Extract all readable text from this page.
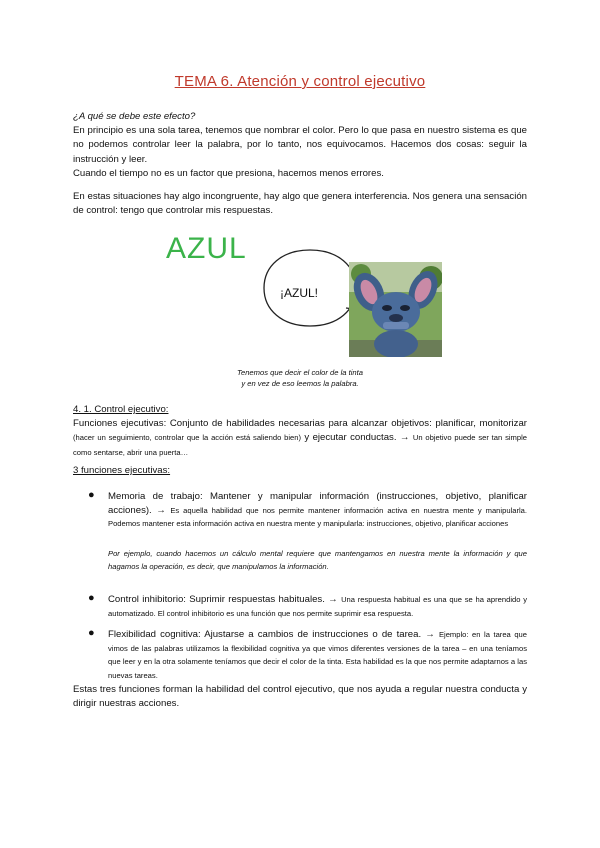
TEMA 6. Atención y control ejecutivo

¿A qué se debe este efecto?

En principio es una sola tarea, tenemos que nombrar el color. Pero lo que pasa en nuestro sistema es que no podemos controlar leer la palabra, por lo tanto, nos equivocamos. Hacemos dos cosas: seguir la instrucción y leer.

Cuando el tiempo no es un factor que presiona, hacemos menos errores.

En estas situaciones hay algo incongruente, hay algo que genera interferencia. Nos genera una sensación de control: tengo que controlar mis respuestas.

AZUL
¡AZUL!
Tenemos que decir el color de la tinta
y en vez de eso leemos la palabra.

4. 1. Control ejecutivo:

Funciones ejecutivas: Conjunto de habilidades necesarias para alcanzar objetivos: planificar, monitorizar (hacer un seguimiento, controlar que la acción está saliendo bien) y ejecutar conductas. → Un objetivo puede ser tan simple como sentarse, abrir una puerta…

3 funciones ejecutivas:

● Memoria de trabajo: Mantener y manipular información (instrucciones, objetivo, planificar acciones). → Es aquella habilidad que nos permite mantener información activa en nuestra mente y manipularla. Podemos mantener esta información activa en nuestra mente y manipularla: instrucciones, objetivo, planificar acciones
Por ejemplo, cuando hacemos un cálculo mental requiere que mantengamos en nuestra mente la información y que hagamos la operación, es decir, que manipulamos la información.
● Control inhibitorio: Suprimir respuestas habituales. → Una respuesta habitual es una que se ha aprendido y automatizado. El control inhibitorio es una función que nos permite suprimir esa respuesta.
● Flexibilidad cognitiva: Ajustarse a cambios de instrucciones o de tarea. → Ejemplo: en la tarea que vimos de las palabras utilizamos la flexibilidad cognitiva ya que vimos diferentes versiones de la tarea – en una teníamos que leer y en la otra solamente teníamos que decir el color de la tinta. Esta habilidad es la que nos permite adaptarnos a las nuevas tareas.

Estas tres funciones forman la habilidad del control ejecutivo, que nos ayuda a regular nuestra conducta y dirigir nuestras acciones.
